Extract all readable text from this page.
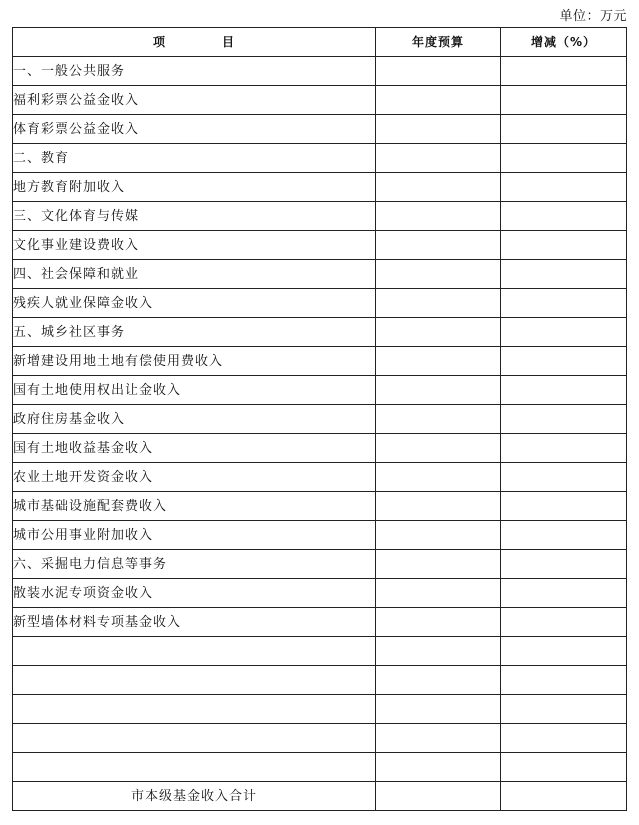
单位：万元
项 目	年度预算	增减（%）
一、一般公共服务		
福利彩票公益金收入		
体育彩票公益金收入		
二、教育		
地方教育附加收入		
三、文化体育与传媒		
文化事业建设费收入		
四、社会保障和就业		
残疾人就业保障金收入		
五、城乡社区事务		
新增建设用地土地有偿使用费收入		
国有土地使用权出让金收入		
政府住房基金收入		
国有土地收益基金收入		
农业土地开发资金收入		
城市基础设施配套费收入		
城市公用事业附加收入		
六、采掘电力信息等事务		
散装水泥专项资金收入		
新型墙体材料专项基金收入		

市本级基金收入合计		
